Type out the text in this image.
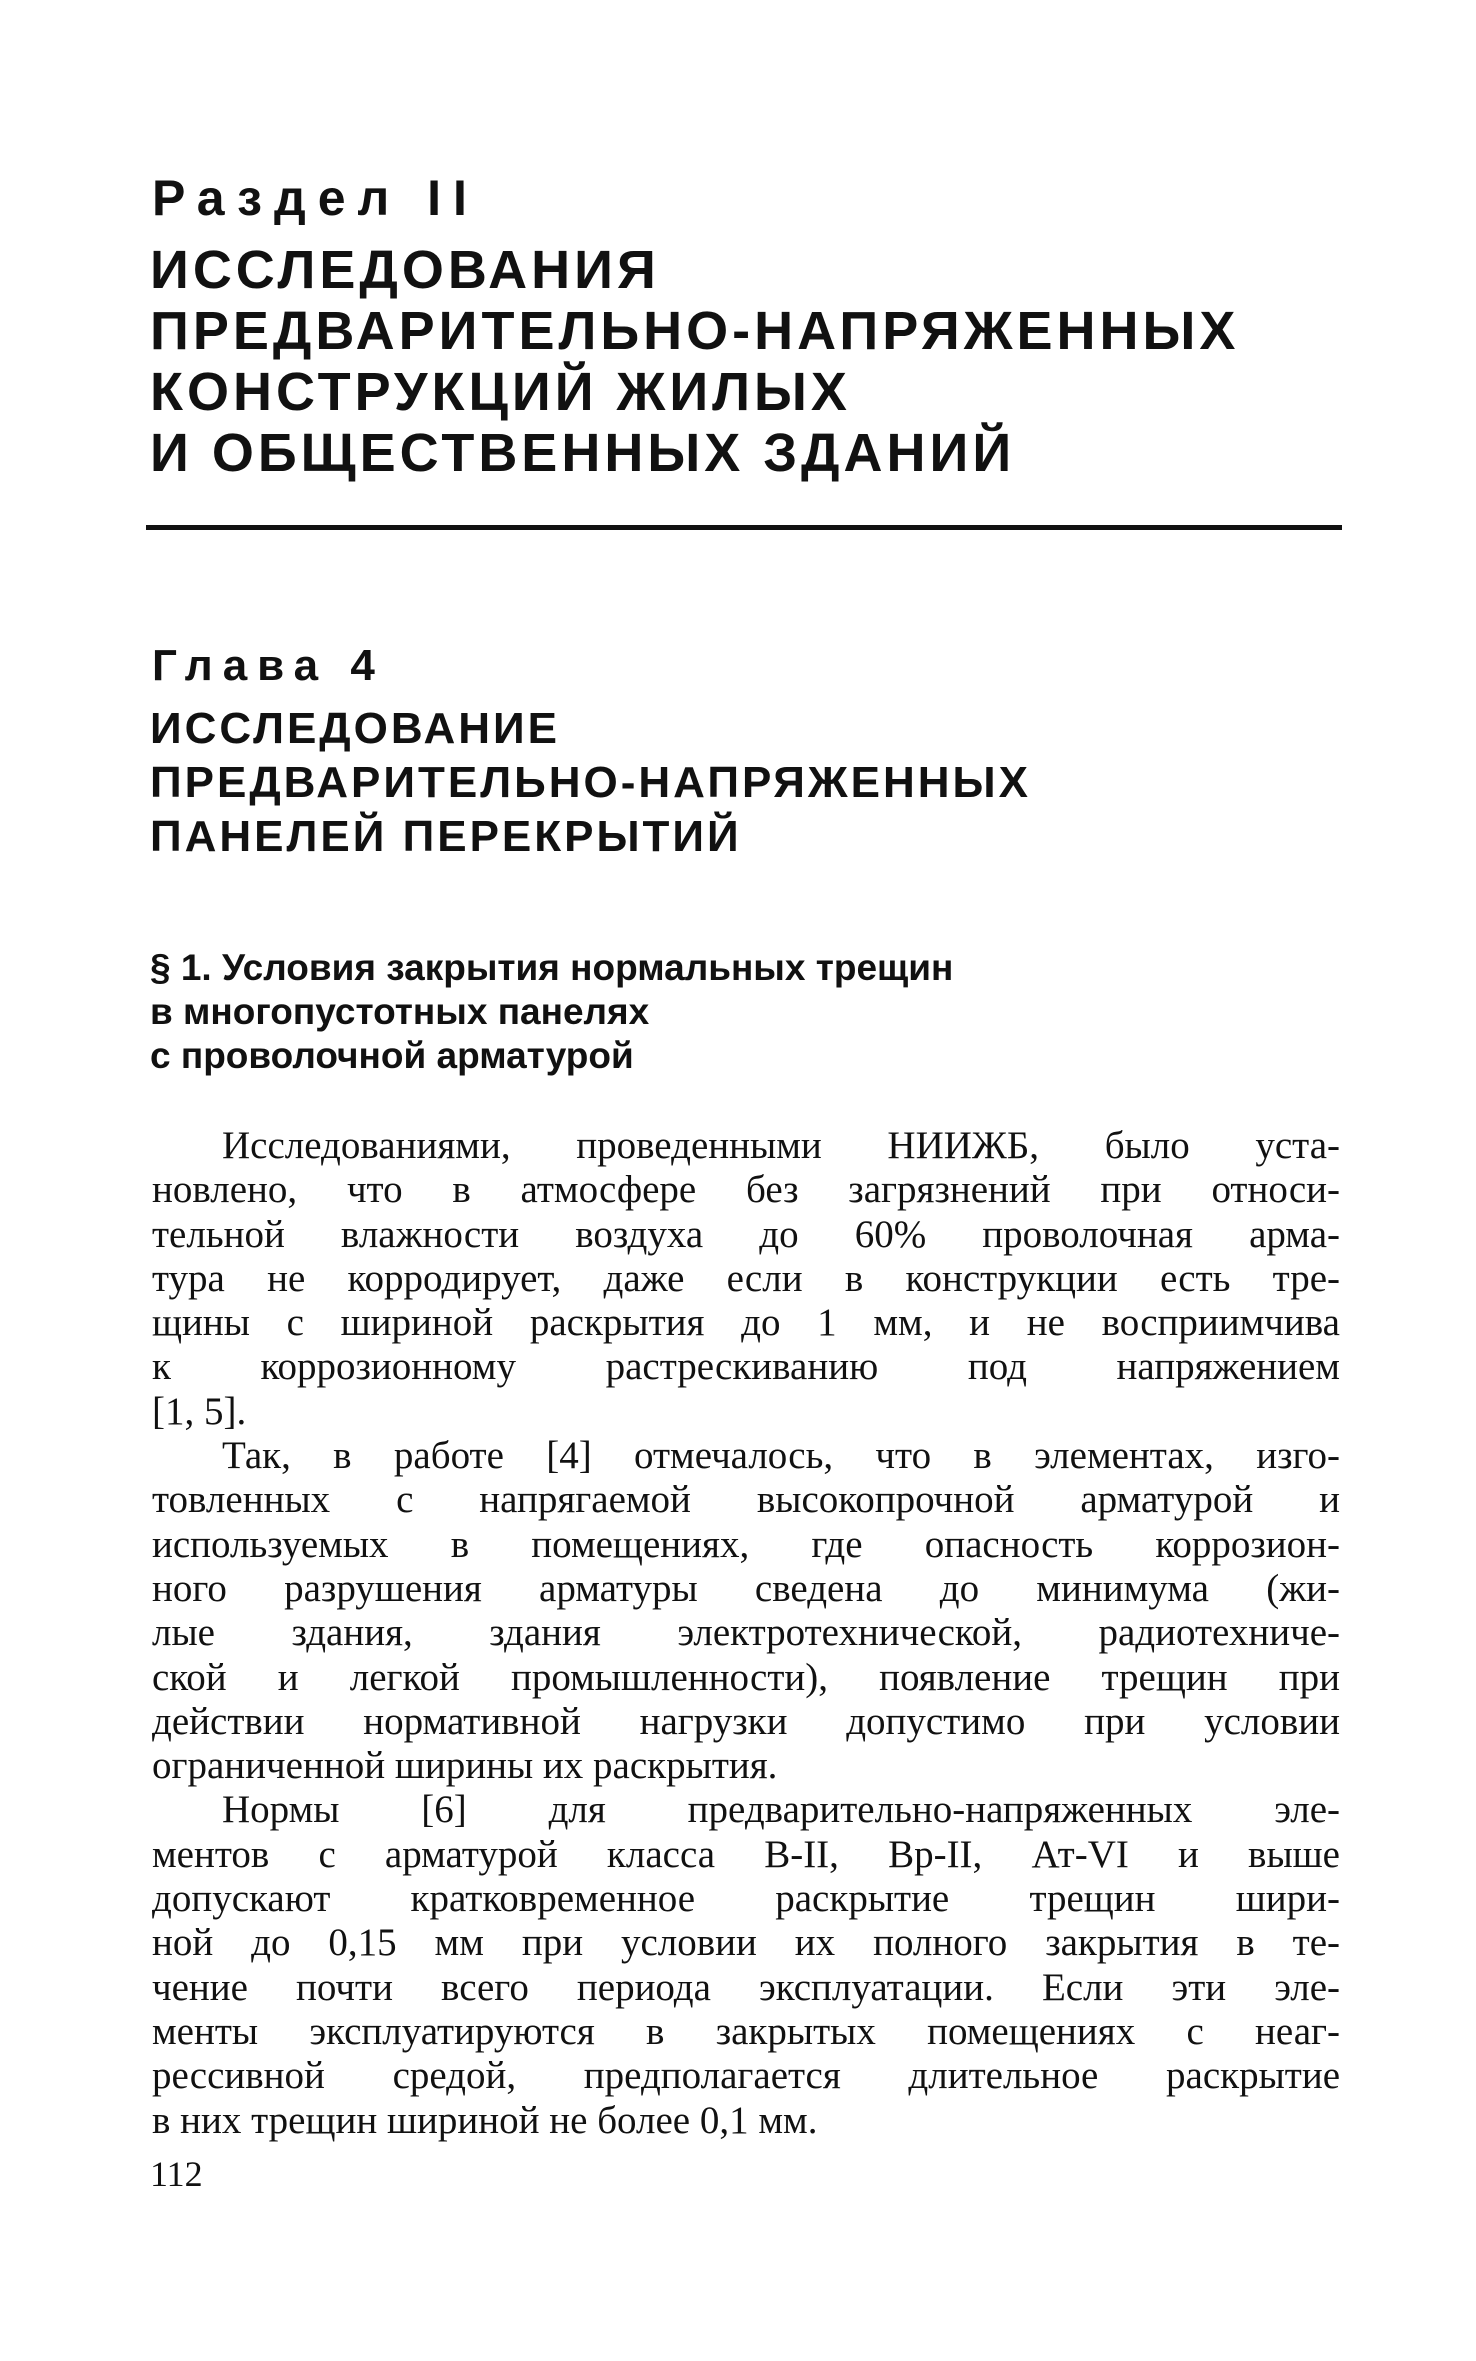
Раздел II
ИССЛЕДОВАНИЯ
ПРЕДВАРИТЕЛЬНО-НАПРЯЖЕННЫХ
КОНСТРУКЦИЙ ЖИЛЫХ
И ОБЩЕСТВЕННЫХ ЗДАНИЙ
Глава 4
ИССЛЕДОВАНИЕ
ПРЕДВАРИТЕЛЬНО-НАПРЯЖЕННЫХ
ПАНЕЛЕЙ ПЕРЕКРЫТИЙ
§ 1. Условия закрытия нормальных трещин
в многопустотных панелях
с проволочной арматурой
Исследованиями, проведенными НИИЖБ, было уста-
новлено, что в атмосфере без загрязнений при относи-
тельной влажности воздуха до 60% проволочная арма-
тура не корродирует, даже если в конструкции есть тре-
щины с шириной раскрытия до 1 мм, и не восприимчива
к коррозионному растрескиванию под напряжением
[1, 5].
Так, в работе [4] отмечалось, что в элементах, изго-
товленных с напрягаемой высокопрочной арматурой и
используемых в помещениях, где опасность коррозион-
ного разрушения арматуры сведена до минимума (жи-
лые здания, здания электротехнической, радиотехниче-
ской и легкой промышленности), появление трещин при
действии нормативной нагрузки допустимо при условии
ограниченной ширины их раскрытия.
Нормы [6] для предварительно-напряженных эле-
ментов с арматурой класса В-II, Вр-II, Ат-VI и выше
допускают кратковременное раскрытие трещин шири-
ной до 0,15 мм при условии их полного закрытия в те-
чение почти всего периода эксплуатации. Если эти эле-
менты эксплуатируются в закрытых помещениях с неаг-
рессивной средой, предполагается длительное раскрытие
в них трещин шириной не более 0,1 мм.

112
